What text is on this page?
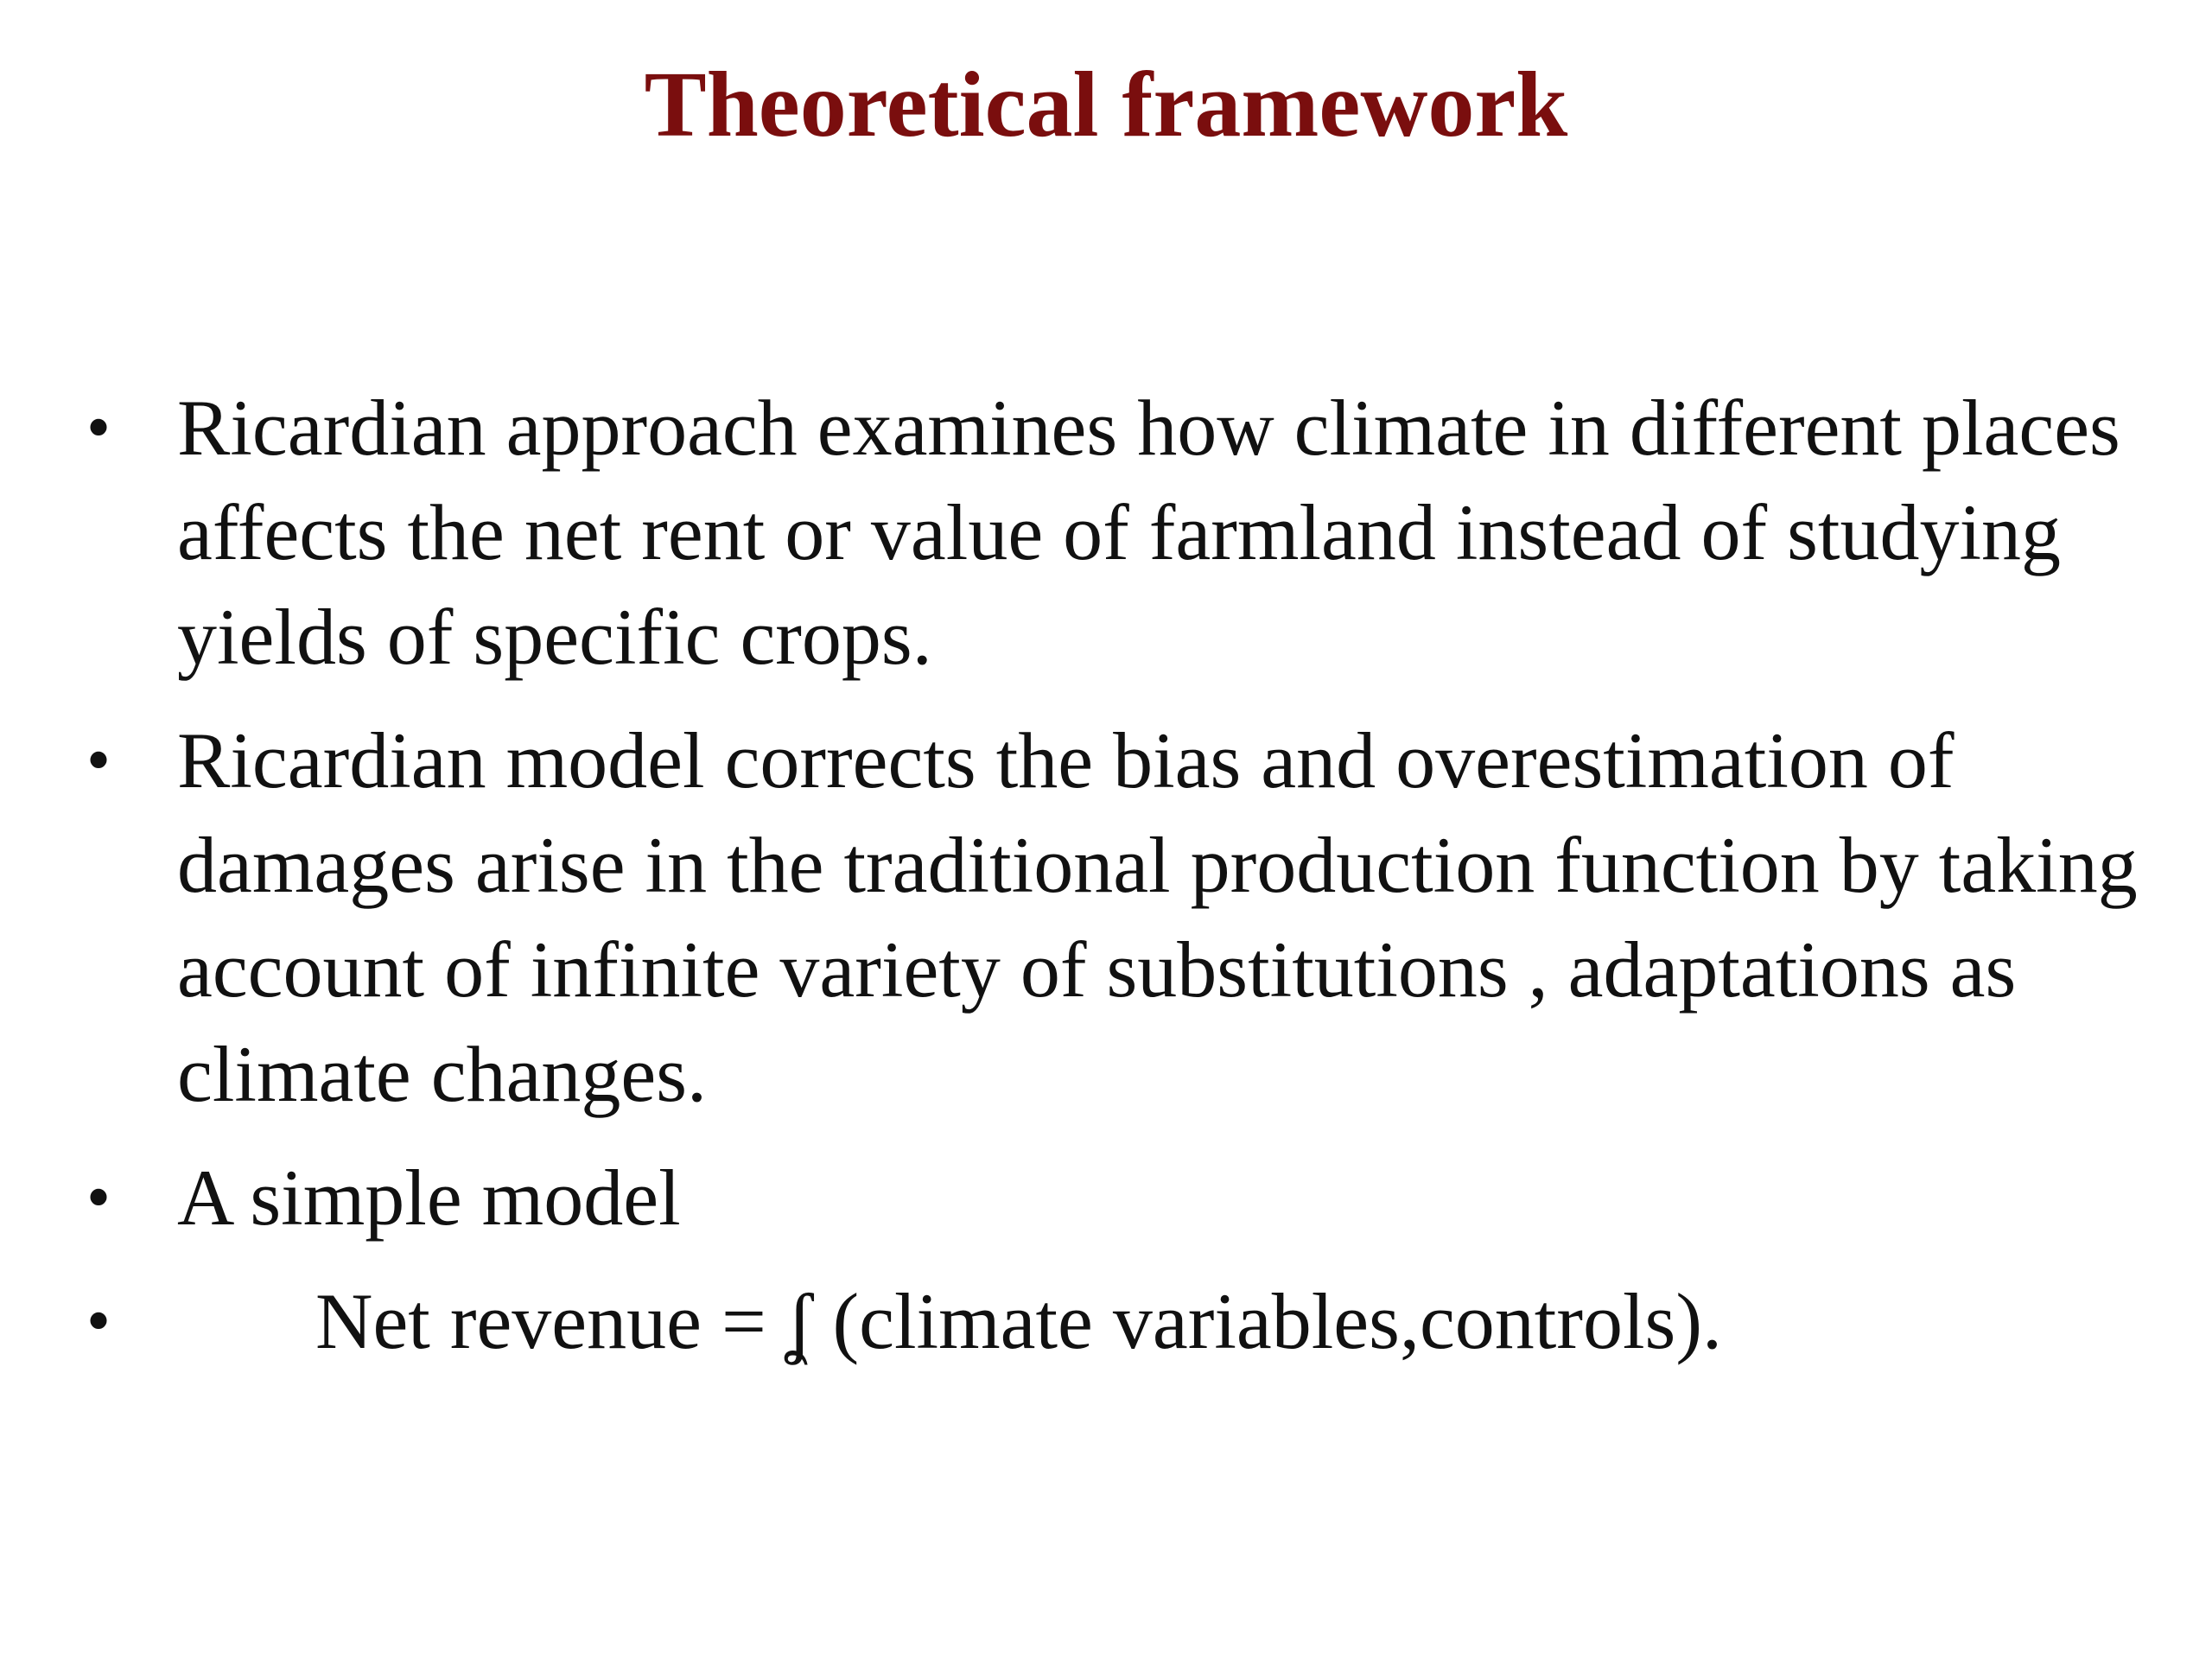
Theoretical framework
• Ricardian approach examines how climate in different places affects the net rent or value of farmland instead of studying yields of specific crops.
• Ricardian model corrects the bias and overestimation of damages arise in the traditional production function by taking account of infinite variety of substitutions , adaptations as climate changes.
• A simple model
•	Net revenue = ʆ (climate variables,controls).
